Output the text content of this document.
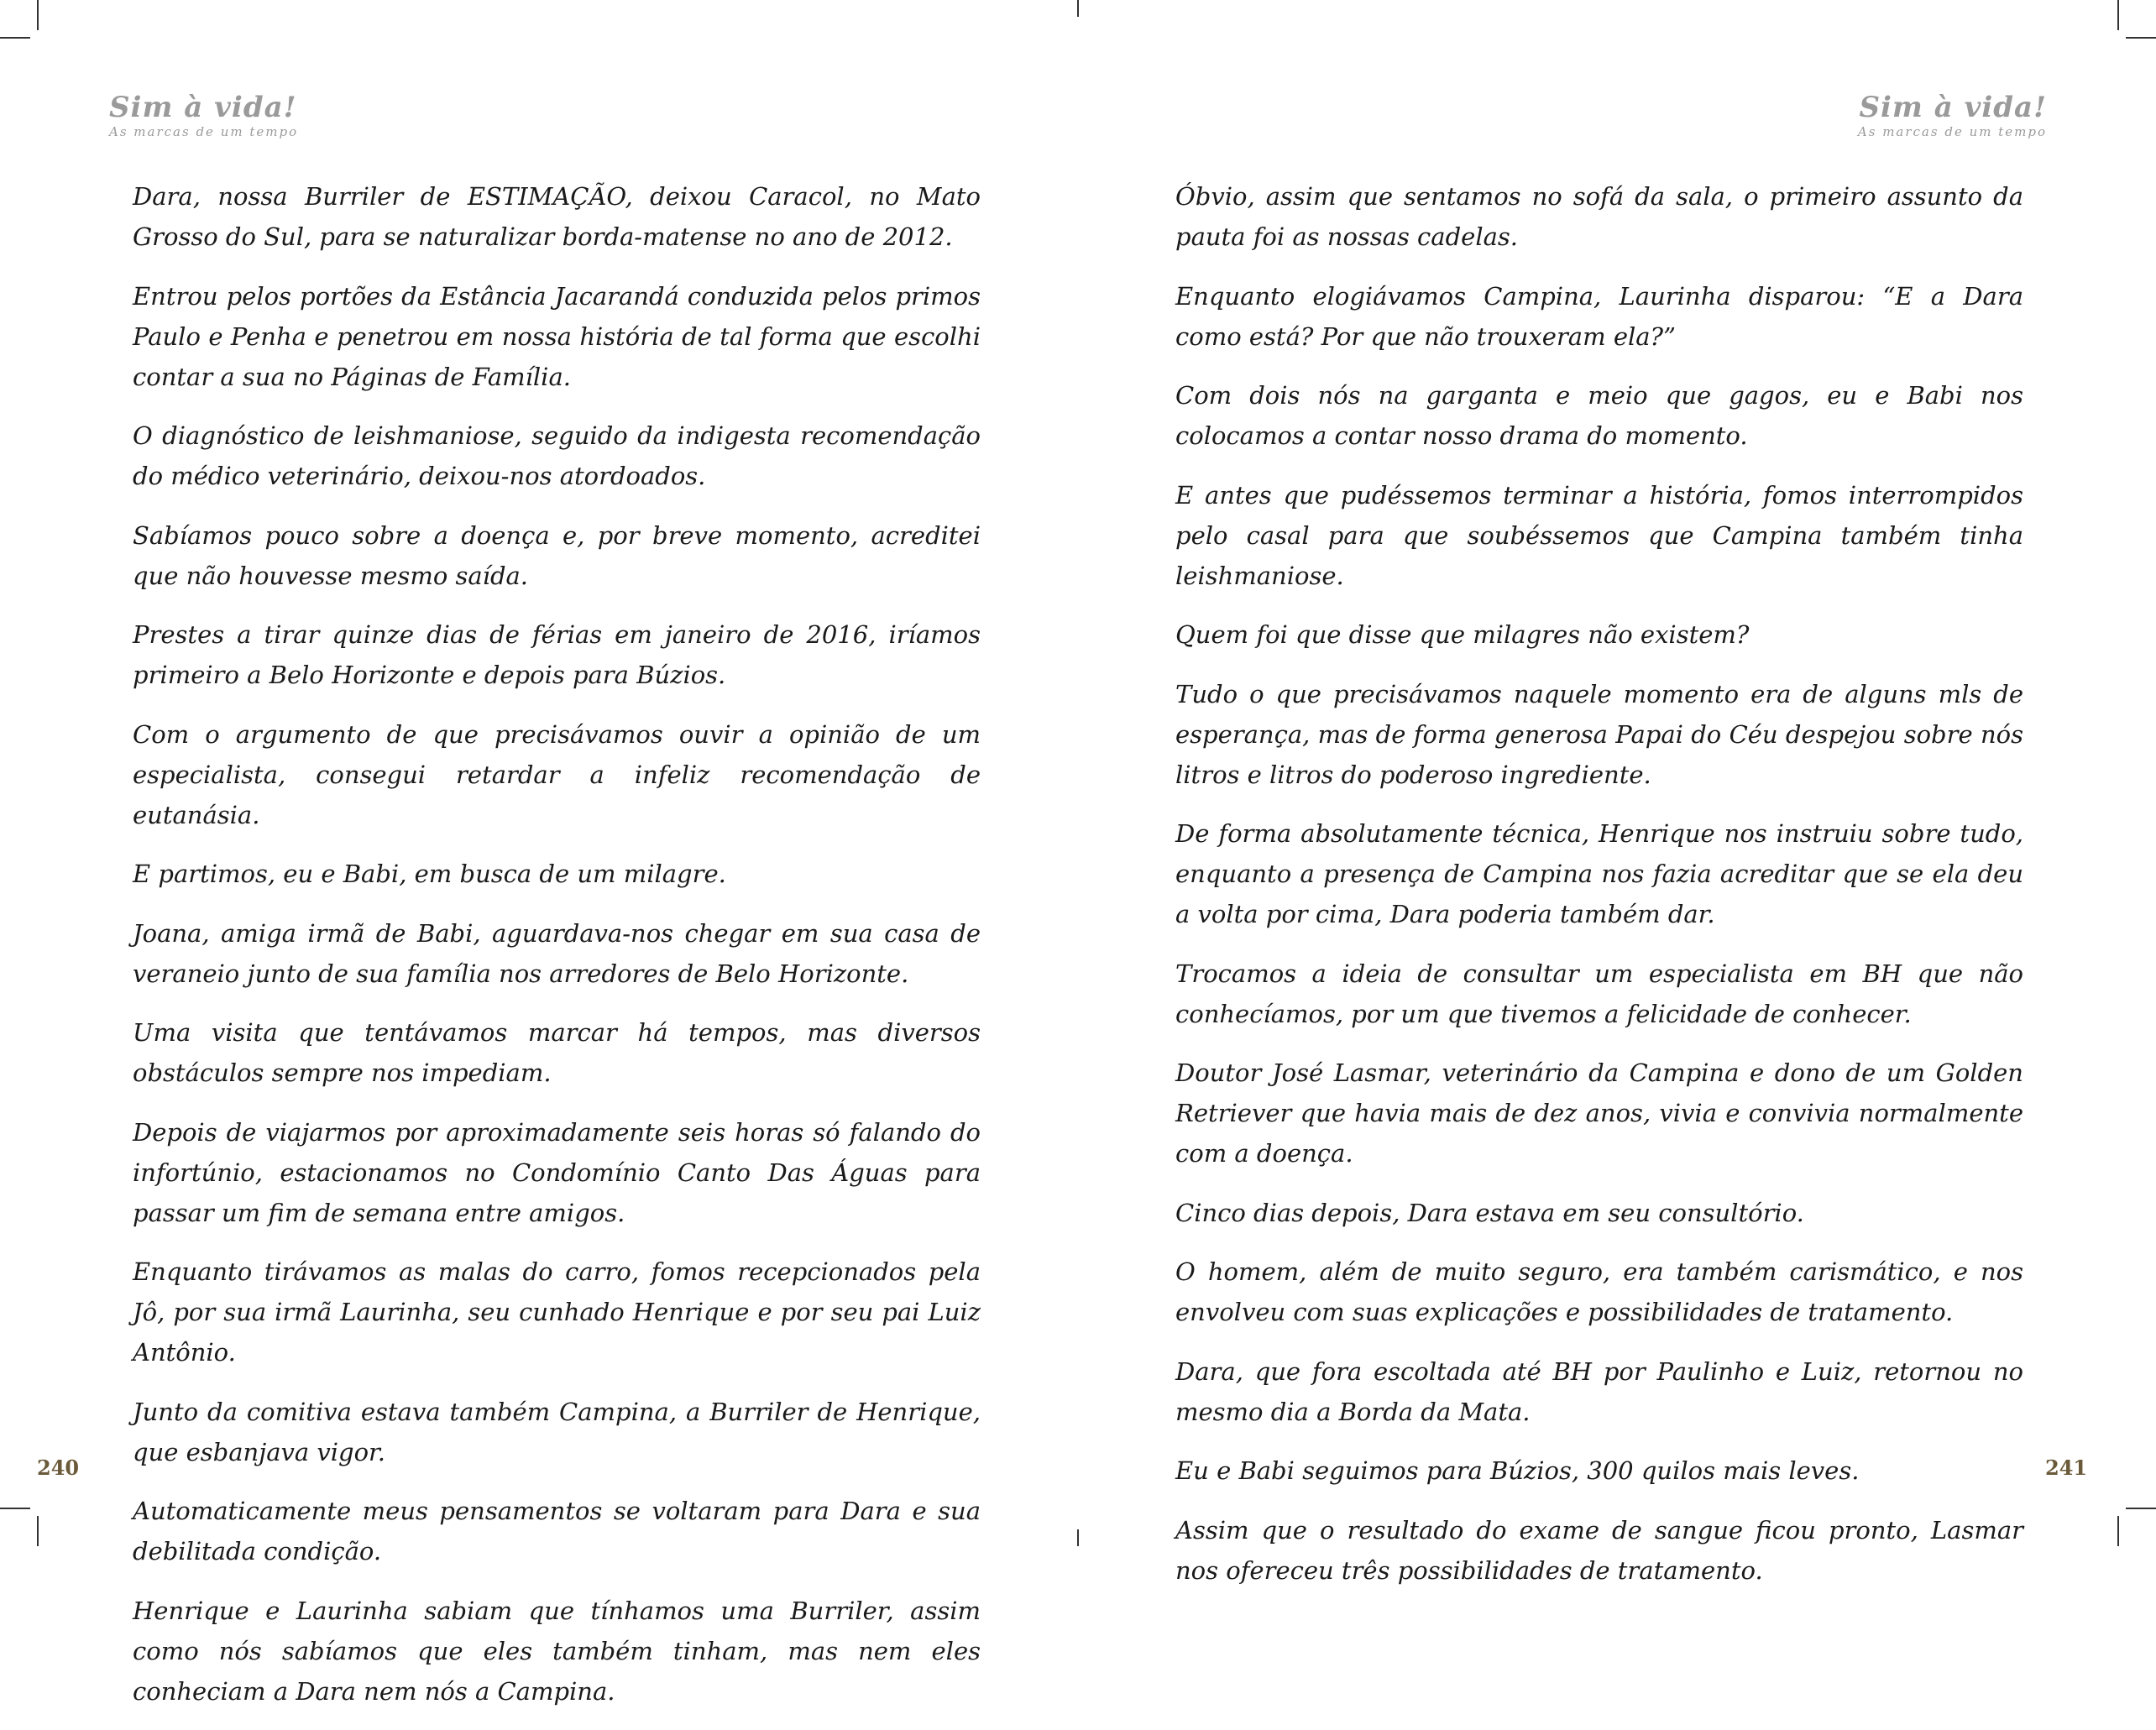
Sim à vida!
As marcas de um tempo

Dara, nossa Burriler de ESTIMAÇÃO, deixou Caracol, no Mato Grosso do Sul, para se naturalizar borda-matense no ano de 2012.

Entrou pelos portões da Estância Jacarandá conduzida pelos primos Paulo e Penha e penetrou em nossa história de tal forma que escolhi contar a sua no Páginas de Família.

O diagnóstico de leishmaniose, seguido da indigesta recomendação do médico veterinário, deixou-nos atordoados.

Sabíamos pouco sobre a doença e, por breve momento, acreditei que não houvesse mesmo saída.

Prestes a tirar quinze dias de férias em janeiro de 2016, iríamos primeiro a Belo Horizonte e depois para Búzios.

Com o argumento de que precisávamos ouvir a opinião de um especialista, consegui retardar a infeliz recomendação de eutanásia.

E partimos, eu e Babi, em busca de um milagre.

Joana, amiga irmã de Babi, aguardava-nos chegar em sua casa de veraneio junto de sua família nos arredores de Belo Horizonte.

Uma visita que tentávamos marcar há tempos, mas diversos obstáculos sempre nos impediam.

Depois de viajarmos por aproximadamente seis horas só falando do infortúnio, estacionamos no Condomínio Canto Das Águas para passar um fim de semana entre amigos.

Enquanto tirávamos as malas do carro, fomos recepcionados pela Jô, por sua irmã Laurinha, seu cunhado Henrique e por seu pai Luiz Antônio.

Junto da comitiva estava também Campina, a Burriler de Henrique, que esbanjava vigor.

Automaticamente meus pensamentos se voltaram para Dara e sua debilitada condição.

Henrique e Laurinha sabiam que tínhamos uma Burriler, assim como nós sabíamos que eles também tinham, mas nem eles conheciam a Dara nem nós a Campina.

240
Sim à vida!
As marcas de um tempo

Óbvio, assim que sentamos no sofá da sala, o primeiro assunto da pauta foi as nossas cadelas.

Enquanto elogiávamos Campina, Laurinha disparou: “E a Dara como está? Por que não trouxeram ela?”

Com dois nós na garganta e meio que gagos, eu e Babi nos colocamos a contar nosso drama do momento.

E antes que pudéssemos terminar a história, fomos interrompidos pelo casal para que soubéssemos que Campina também tinha leishmaniose.

Quem foi que disse que milagres não existem?

Tudo o que precisávamos naquele momento era de alguns mls de esperança, mas de forma generosa Papai do Céu despejou sobre nós litros e litros do poderoso ingrediente.

De forma absolutamente técnica, Henrique nos instruiu sobre tudo, enquanto a presença de Campina nos fazia acreditar que se ela deu a volta por cima, Dara poderia também dar.

Trocamos a ideia de consultar um especialista em BH que não conhecíamos, por um que tivemos a felicidade de conhecer.

Doutor José Lasmar, veterinário da Campina e dono de um Golden Retriever que havia mais de dez anos, vivia e convivia normalmente com a doença.

Cinco dias depois, Dara estava em seu consultório.

O homem, além de muito seguro, era também carismático, e nos envolveu com suas explicações e possibilidades de tratamento.

Dara, que fora escoltada até BH por Paulinho e Luiz, retornou no mesmo dia a Borda da Mata.

Eu e Babi seguimos para Búzios, 300 quilos mais leves.

Assim que o resultado do exame de sangue ficou pronto, Lasmar nos ofereceu três possibilidades de tratamento.

241
